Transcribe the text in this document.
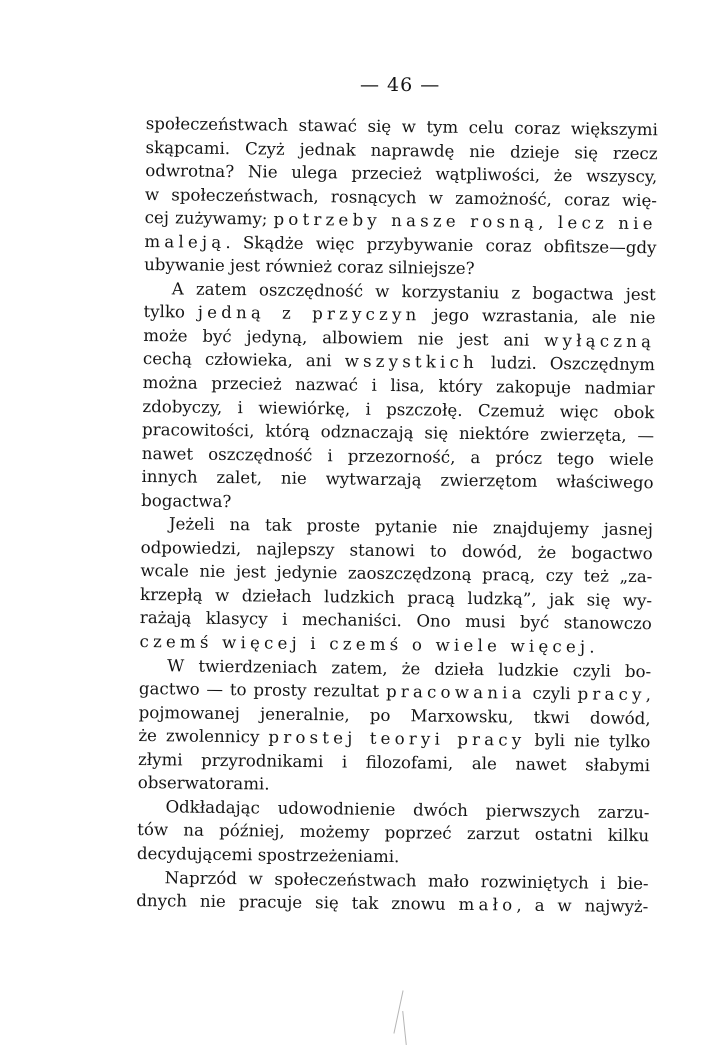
— 46 —
społeczeństwach stawać się w tym celu coraz większymi
skąpcami. Czyż jednak naprawdę nie dzieje się rzecz
odwrotna? Nie ulega przecież wątpliwości, że wszyscy,
w społeczeństwach, rosnących w zamożność, coraz wię-
cej zużywamy; potrzeby nasze rosną, lecz nie
maleją. Skądże więc przybywanie coraz obfitsze—gdy
ubywanie jest również coraz silniejsze?
A zatem oszczędność w korzystaniu z bogactwa jest
tylko jedną z przyczyn jego wzrastania, ale nie
może być jedyną, albowiem nie jest ani wyłączną
cechą człowieka, ani wszystkich ludzi. Oszczędnym
można przecież nazwać i lisa, który zakopuje nadmiar
zdobyczy, i wiewiórkę, i pszczołę. Czemuż więc obok
pracowitości, którą odznaczają się niektóre zwierzęta, —
nawet oszczędność i przezorność, a prócz tego wiele
innych zalet, nie wytwarzają zwierzętom właściwego
bogactwa?
Jeżeli na tak proste pytanie nie znajdujemy jasnej
odpowiedzi, najlepszy stanowi to dowód, że bogactwo
wcale nie jest jedynie zaoszczędzoną pracą, czy też „za-
krzepłą w dziełach ludzkich pracą ludzką”, jak się wy-
rażają klasycy i mechaniści. Ono musi być stanowczo
czemś więcej i czemś o wiele więcej.
W twierdzeniach zatem, że dzieła ludzkie czyli bo-
gactwo — to prosty rezultat pracowania czyli pracy,
pojmowanej jeneralnie, po Marxowsku, tkwi dowód,
że zwolennicy prostej teoryi pracy byli nie tylko
złymi przyrodnikami i filozofami, ale nawet słabymi
obserwatorami.
Odkładając udowodnienie dwóch pierwszych zarzu-
tów na później, możemy poprzeć zarzut ostatni kilku
decydującemi spostrzeżeniami.
Naprzód w społeczeństwach mało rozwiniętych i bie-
dnych nie pracuje się tak znowu mało, a w najwyż-
